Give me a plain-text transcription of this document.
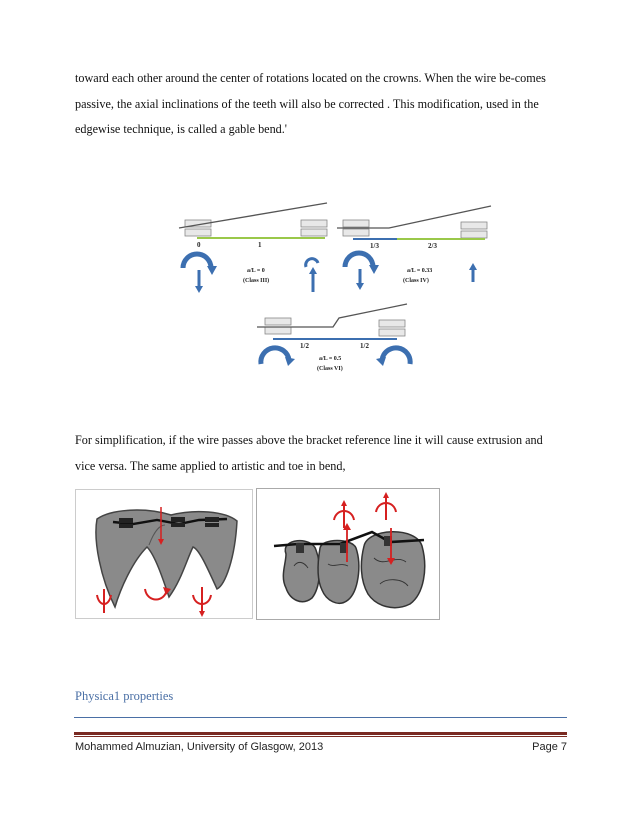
toward each other around the center of rotations located on the crowns. When the wire be-comes passive, the axial inclinations of the teeth will also be corrected . This modification, used in the edgewise technique, is called a gable bend.'

0	1
a/L = 0
(Class III)
1/3	2/3
a/L = 0.33
(Class IV)
1/2	1/2
a/L = 0.5
(Class VI)

For simplification, if the wire passes above the bracket reference line it will cause extrusion and vice versa. The same applied to artistic and toe in bend,

Physica1 properties

Mohammed Almuzian, University of Glasgow, 2013	Page 7
